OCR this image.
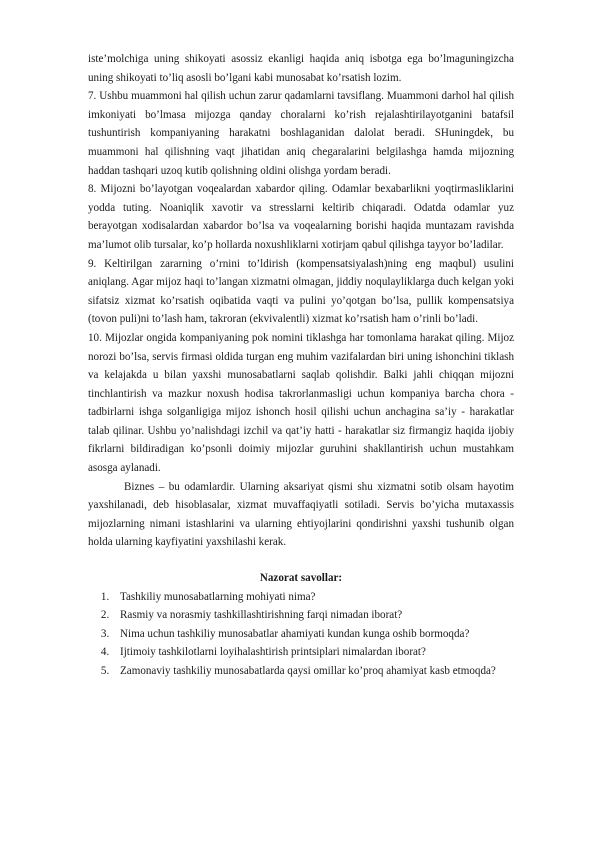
iste’molchiga uning shikoyati asossiz ekanligi haqida aniq isbotga ega bo’lmaguningizcha uning shikoyati to’liq asosli bo’lgani kabi munosabat ko’rsatish lozim.

7. Ushbu muammoni hal qilish uchun zarur qadamlarni tavsiflang. Muammoni darhol hal qilish imkoniyati bo’lmasa mijozga qanday choralarni ko’rish rejalashtirilayotganini batafsil tushuntirish kompaniyaning harakatni boshlaganidan dalolat beradi. SHuningdek, bu muammoni hal qilishning vaqt jihatidan aniq chegaralarini belgilashga hamda mijozning haddan tashqari uzoq kutib qolishning oldini olishga yordam beradi.

8. Mijozni bo’layotgan voqealardan xabardor qiling. Odamlar bexabarlikni yoqtirmasliklarini yodda tuting. Noaniqlik xavotir va stresslarni keltirib chiqaradi. Odatda odamlar yuz berayotgan xodisalardan xabardor bo’lsa va voqealarning borishi haqida muntazam ravishda ma’lumot olib tursalar, ko’p hollarda noxushliklarni xotirjam qabul qilishga tayyor bo’ladilar.

9. Keltirilgan zararning o’rnini to’ldirish (kompensatsiyalash)ning eng maqbul) usulini aniqlang. Agar mijoz haqi to’langan xizmatni olmagan, jiddiy noqulayliklarga duch kelgan yoki sifatsiz xizmat ko’rsatish oqibatida vaqti va pulini yo’qotgan bo’lsa, pullik kompensatsiya (tovon puli)ni to’lash ham, takroran (ekvivalentli) xizmat ko’rsatish ham o’rinli bo’ladi.

10. Mijozlar ongida kompaniyaning pok nomini tiklashga har tomonlama harakat qiling. Mijoz norozi bo’lsa, servis firmasi oldida turgan eng muhim vazifalardan biri uning ishonchini tiklash va kelajakda u bilan yaxshi munosabatlarni saqlab qolishdir. Balki jahli chiqqan mijozni tinchlantirish va mazkur noxush hodisa takrorlanmasligi uchun kompaniya barcha chora - tadbirlarni ishga solganligiga mijoz ishonch hosil qilishi uchun anchagina sa’iy - harakatlar talab qilinar. Ushbu yo’nalishdagi izchil va qat’iy hatti - harakatlar siz firmangiz haqida ijobiy fikrlarni bildiradigan ko’psonli doimiy mijozlar guruhini shakllantirish uchun mustahkam asosga aylanadi.

Biznes – bu odamlardir. Ularning aksariyat qismi shu xizmatni sotib olsam hayotim yaxshilanadi, deb hisoblasalar, xizmat muvaffaqiyatli sotiladi. Servis bo’yicha mutaxassis mijozlarning nimani istashlarini va ularning ehtiyojlarini qondirishni yaxshi tushunib olgan holda ularning kayfiyatini yaxshilashi kerak.

Nazorat savollar:

1. Tashkiliy munosabatlarning mohiyati nima?
2. Rasmiy va norasmiy tashkillashtirishning farqi nimadan iborat?
3. Nima uchun tashkiliy munosabatlar ahamiyati kundan kunga oshib bormoqda?
4. Ijtimoiy tashkilotlarni loyihalashtirish printsiplari nimalardan iborat?
5. Zamonaviy tashkiliy munosabatlarda qaysi omillar ko’proq ahamiyat kasb etmoqda?
